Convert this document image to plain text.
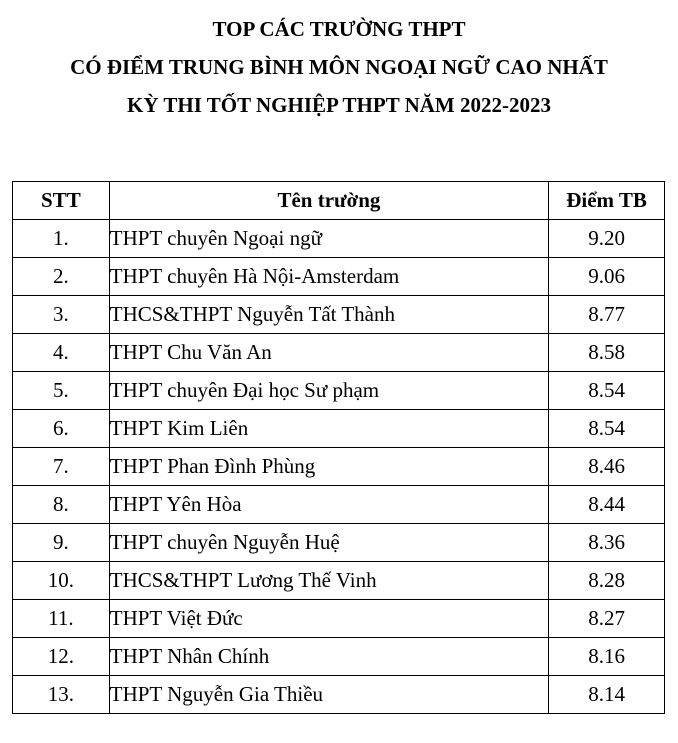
TOP CÁC TRƯỜNG THPT
CÓ ĐIỂM TRUNG BÌNH MÔN NGOẠI NGỮ CAO NHẤT
KỲ THI TỐT NGHIỆP THPT NĂM 2022-2023
STT	Tên trường	Điểm TB
1.	THPT chuyên Ngoại ngữ	9.20
2.	THPT chuyên Hà Nội-Amsterdam	9.06
3.	THCS&THPT Nguyễn Tất Thành	8.77
4.	THPT Chu Văn An	8.58
5.	THPT chuyên Đại học Sư phạm	8.54
6.	THPT Kim Liên	8.54
7.	THPT Phan Đình Phùng	8.46
8.	THPT Yên Hòa	8.44
9.	THPT chuyên Nguyễn Huệ	8.36
10.	THCS&THPT Lương Thế Vinh	8.28
11.	THPT Việt Đức	8.27
12.	THPT Nhân Chính	8.16
13.	THPT Nguyễn Gia Thiều	8.14
